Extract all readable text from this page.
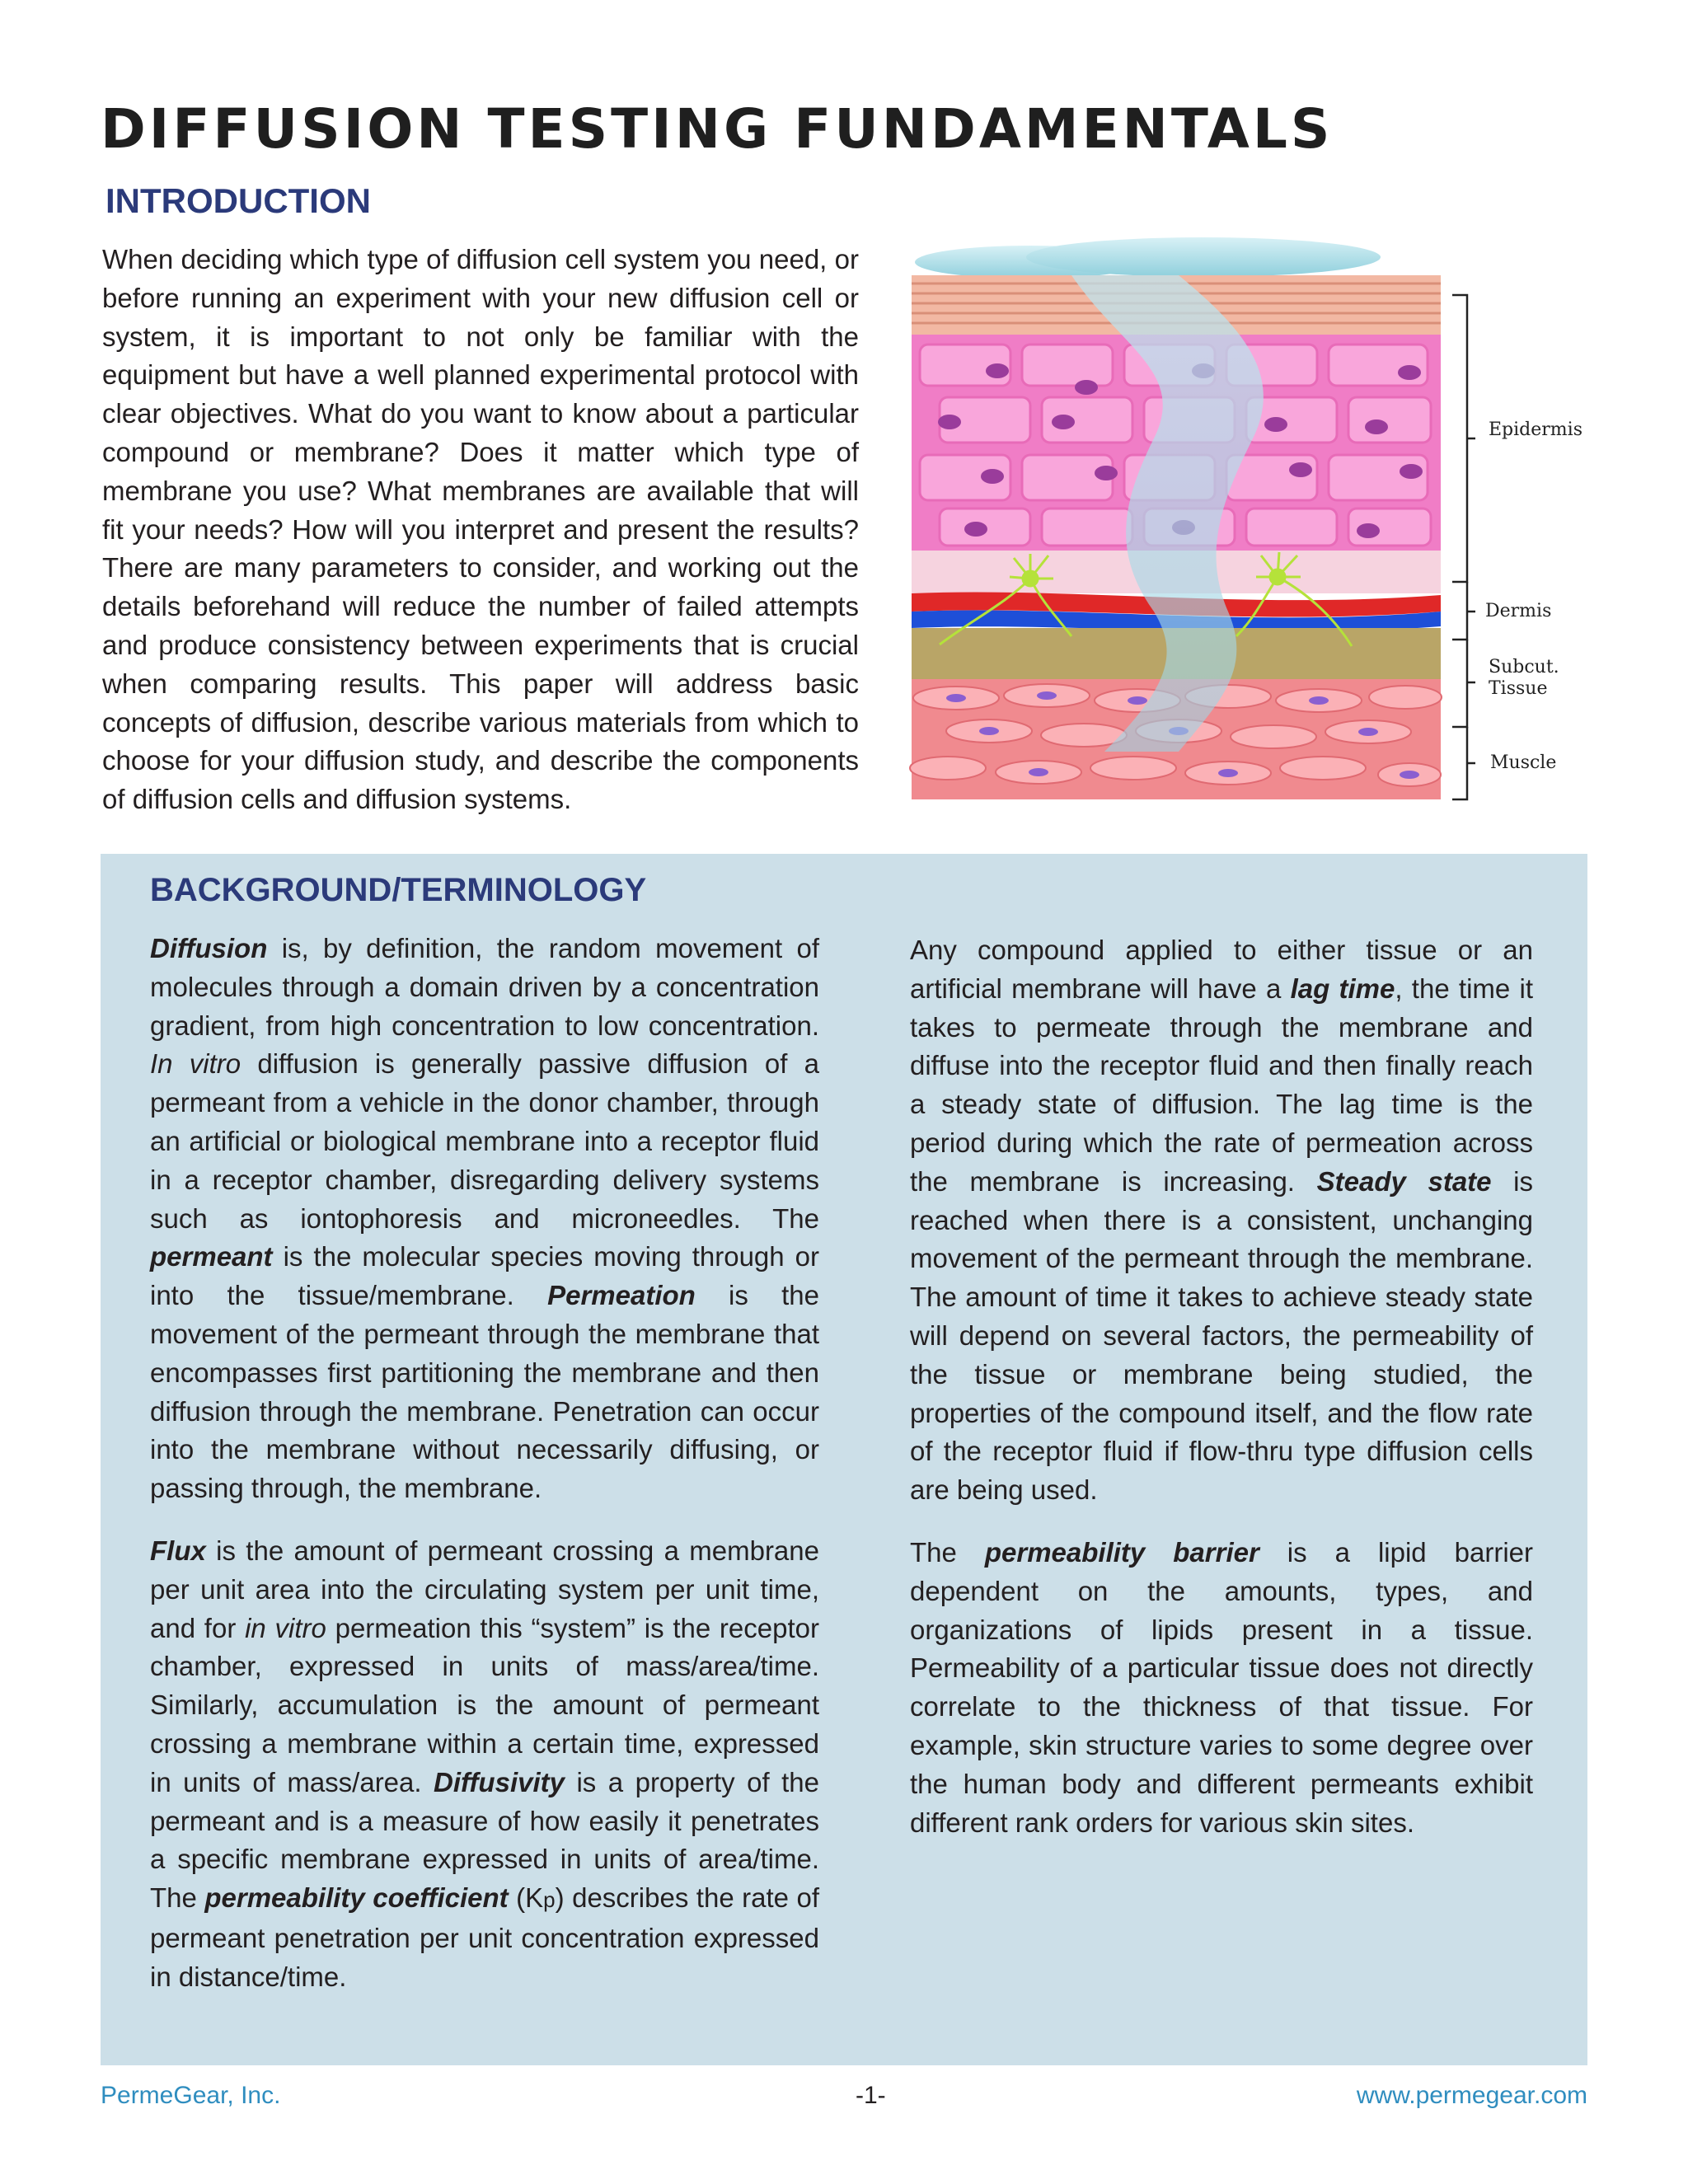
DIFFUSION TESTING FUNDAMENTALS
INTRODUCTION

When deciding which type of diffusion cell system you need, or before running an experiment with your new diffusion cell or system, it is important to not only be familiar with the equipment but have a well planned experimental protocol with clear objectives. What do you want to know about a particular compound or membrane? Does it matter which type of membrane you use? What membranes are available that will fit your needs? How will you interpret and present the results? There are many parameters to consider, and working out the details beforehand will reduce the number of failed attempts and produce consistency between experiments that is crucial when comparing results. This paper will address basic concepts of diffusion, describe various materials from which to choose for your diffusion study, and describe the components of diffusion cells and diffusion systems.

Epidermis
Dermis
Subcut.
Tissue
Muscle
BACKGROUND/TERMINOLOGY

Diffusion is, by definition, the random movement of molecules through a domain driven by a concentration gradient, from high concentration to low concentration. In vitro diffusion is generally passive diffusion of a permeant from a vehicle in the donor chamber, through an artificial or biological membrane into a receptor fluid in a receptor chamber, disregarding delivery systems such as iontophoresis and microneedles. The permeant is the molecular species moving through or into the tissue/membrane. Permeation is the movement of the permeant through the membrane that encompasses first partitioning the membrane and then diffusion through the membrane. Penetration can occur into the membrane without necessarily diffusing, or passing through, the membrane.

Flux is the amount of permeant crossing a membrane per unit area into the circulating system per unit time, and for in vitro permeation this “system” is the receptor chamber, expressed in units of mass/area/time. Similarly, accumulation is the amount of permeant crossing a membrane within a certain time, expressed in units of mass/area. Diffusivity is a property of the permeant and is a measure of how easily it penetrates a specific membrane expressed in units of area/time. The permeability coefficient (Kp) describes the rate of permeant penetration per unit concentration expressed in distance/time.

Any compound applied to either tissue or an artificial membrane will have a lag time, the time it takes to permeate through the membrane and diffuse into the receptor fluid and then finally reach a steady state of diffusion. The lag time is the period during which the rate of permeation across the membrane is increasing. Steady state is reached when there is a consistent, unchanging movement of the permeant through the membrane. The amount of time it takes to achieve steady state will depend on several factors, the permeability of the tissue or membrane being studied, the properties of the compound itself, and the flow rate of the receptor fluid if flow-thru type diffusion cells are being used.

The permeability barrier is a lipid barrier dependent on the amounts, types, and organizations of lipids present in a tissue. Permeability of a particular tissue does not directly correlate to the thickness of that tissue. For example, skin structure varies to some degree over the human body and different permeants exhibit different rank orders for various skin sites.

PermeGear, Inc.	-1-	www.permegear.com
